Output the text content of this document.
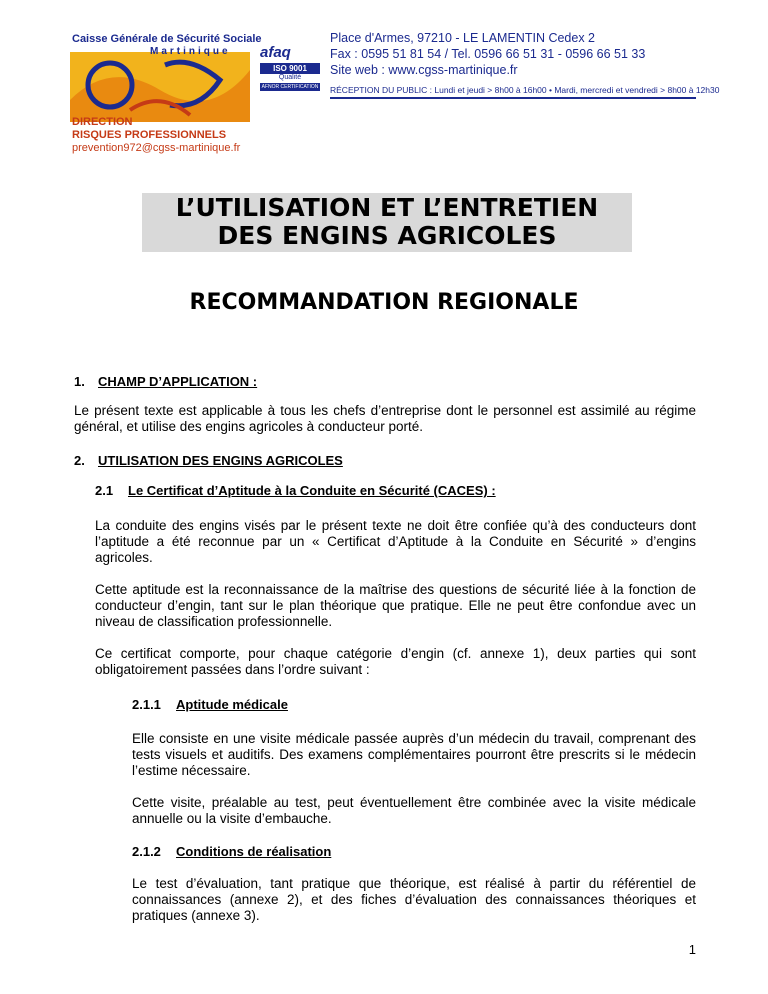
Caisse Générale de Sécurité Sociale
Martinique afaq
ISO 9001
Qualité
AFNOR CERTIFICATION
Place d'Armes, 97210 - LE LAMENTIN Cedex 2
Fax : 0595 51 81 54 / Tel. 0596 66 51 31 - 0596 66 51 33
Site web : www.cgss-martinique.fr
RÉCEPTION DU PUBLIC : Lundi et jeudi > 8h00 à 16h00 • Mardi, mercredi et vendredi > 8h00 à 12h30
DIRECTION
RISQUES PROFESSIONNELS
prevention972@cgss-martinique.fr
L’UTILISATION ET L’ENTRETIEN
DES ENGINS AGRICOLES
RECOMMANDATION REGIONALE
1. CHAMP D’APPLICATION :
Le présent texte est applicable à tous les chefs d’entreprise dont le personnel est assimilé au régime général, et utilise des engins agricoles à conducteur porté.
2. UTILISATION DES ENGINS AGRICOLES
2.1 Le Certificat d’Aptitude à la Conduite en Sécurité (CACES) :
La conduite des engins visés par le présent texte ne doit être confiée qu’à des conducteurs dont l’aptitude a été reconnue par un « Certificat d’Aptitude à la Conduite en Sécurité » d’engins agricoles.
Cette aptitude est la reconnaissance de la maîtrise des questions de sécurité liée à la fonction de conducteur d’engin, tant sur le plan théorique que pratique. Elle ne peut être confondue avec un niveau de classification professionnelle.
Ce certificat comporte, pour chaque catégorie d’engin (cf. annexe 1), deux parties qui sont obligatoirement passées dans l’ordre suivant :
2.1.1 Aptitude médicale
Elle consiste en une visite médicale passée auprès d’un médecin du travail, comprenant des tests visuels et auditifs. Des examens complémentaires pourront être prescrits si le médecin l’estime nécessaire.
Cette visite, préalable au test, peut éventuellement être combinée avec la visite médicale annuelle ou la visite d’embauche.
2.1.2 Conditions de réalisation
Le test d’évaluation, tant pratique que théorique, est réalisé à partir du référentiel de connaissances (annexe 2), et des fiches d’évaluation des connaissances théoriques et pratiques (annexe 3).
1
